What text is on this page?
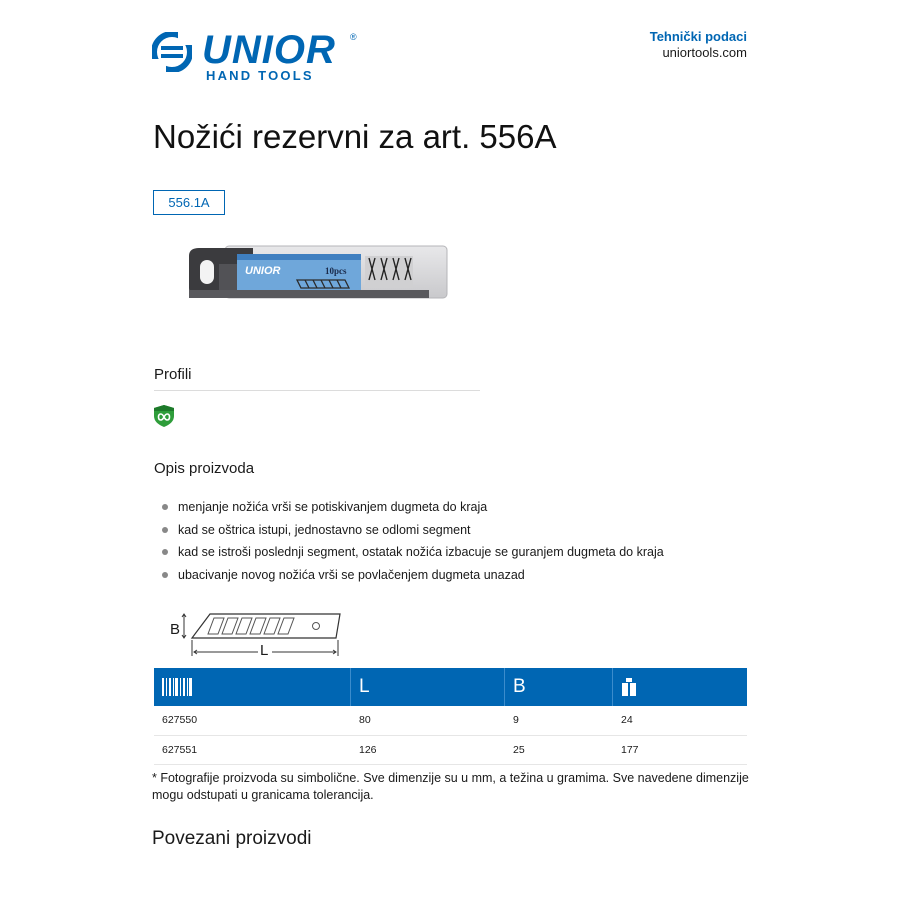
UNIOR ®
HAND TOOLS
Tehnički podaci
uniortools.com
Nožići rezervni za art. 556A
556.1A
UNIOR	10pcs
Profili
Opis proizvoda
menjanje nožića vrši se potiskivanjem dugmeta do kraja
kad se oštrica istupi, jednostavno se odlomi segment
kad se istroši poslednji segment, ostatak nožića izbacuje se guranjem dugmeta do kraja
ubacivanje novog nožića vrši se povlačenjem dugmeta unazad
B
L

L	B

627550	80	9	24
627551	126	25	177
* Fotografije proizvoda su simbolične. Sve dimenzije su u mm, a težina u gramima. Sve navedene dimenzije mogu odstupati u granicama tolerancija.
Povezani proizvodi
